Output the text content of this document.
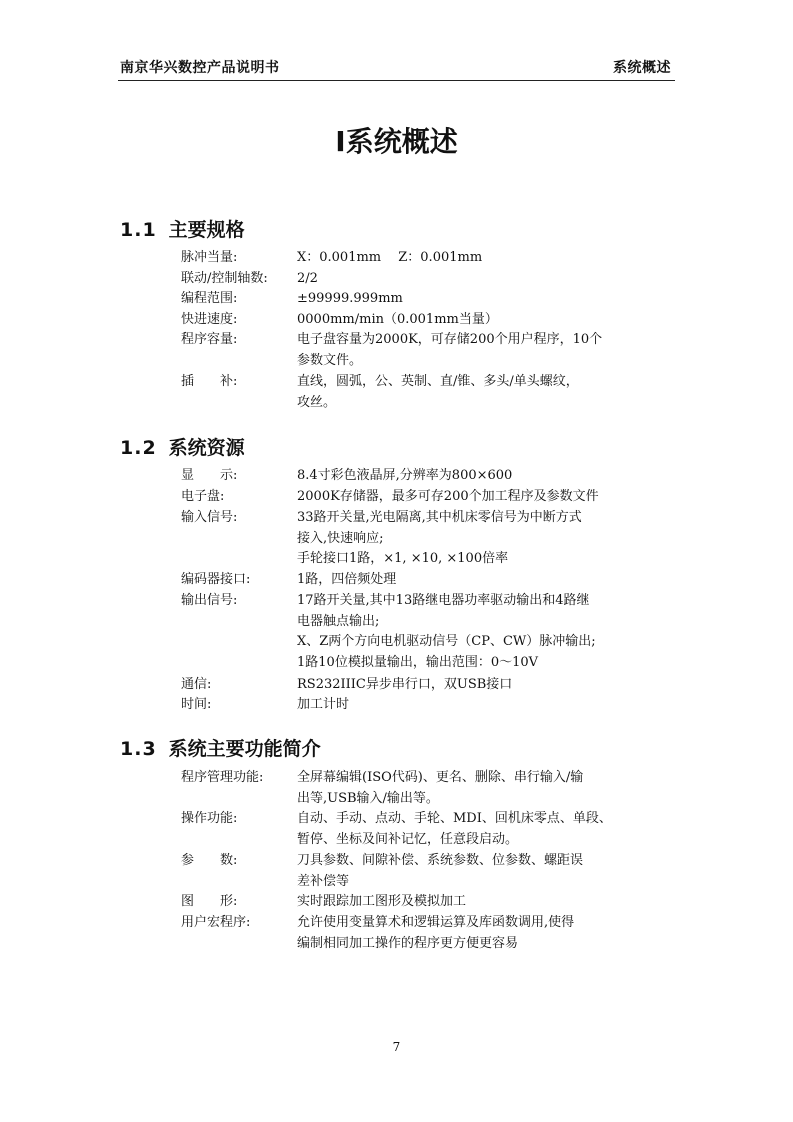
南京华兴数控产品说明书	系统概述
Ⅰ系统概述
1.1 主要规格
脉冲当量:	X：0.001mm　 Z：0.001mm
联动/控制轴数: 2/2
编程范围:	±99999.999mm
快进速度:	0000mm/min（0.001mm当量）
程序容量:	电子盘容量为2000K，可存储200个用户程序，10个
参数文件。
插　　补:	直线，圆弧，公、英制、直/锥、多头/单头螺纹，
攻丝。
1.2 系统资源
显　　示:	8.4寸彩色液晶屏,分辨率为800×600
电子盘:	2000K存储器，最多可存200个加工程序及参数文件
输入信号:	33路开关量,光电隔离,其中机床零信号为中断方式
接入,快速响应;
手轮接口1路，×1, ×10, ×100倍率
编码器接口:	1路，四倍频处理
输出信号:	17路开关量,其中13路继电器功率驱动输出和4路继
电器触点输出;
X、Z两个方向电机驱动信号（CP、CW）脉冲输出;
1路10位模拟量输出，输出范围：0～10V
通信:	RS232ⅠⅠⅠC异步串行口，双USB接口
时间:	加工计时
1.3 系统主要功能简介
程序管理功能:	全屏幕编辑(ISO代码)、更名、删除、串行输入/输
出等,USB输入/输出等。
操作功能:	自动、手动、点动、手轮、MDI、回机床零点、单段、
暂停、坐标及间补记忆，任意段启动。
参　　数:	刀具参数、间隙补偿、系统参数、位参数、螺距误
差补偿等
图　　形:	实时跟踪加工图形及模拟加工
用户宏程序:	允许使用变量算术和逻辑运算及库函数调用,使得
编制相同加工操作的程序更方便更容易
7
